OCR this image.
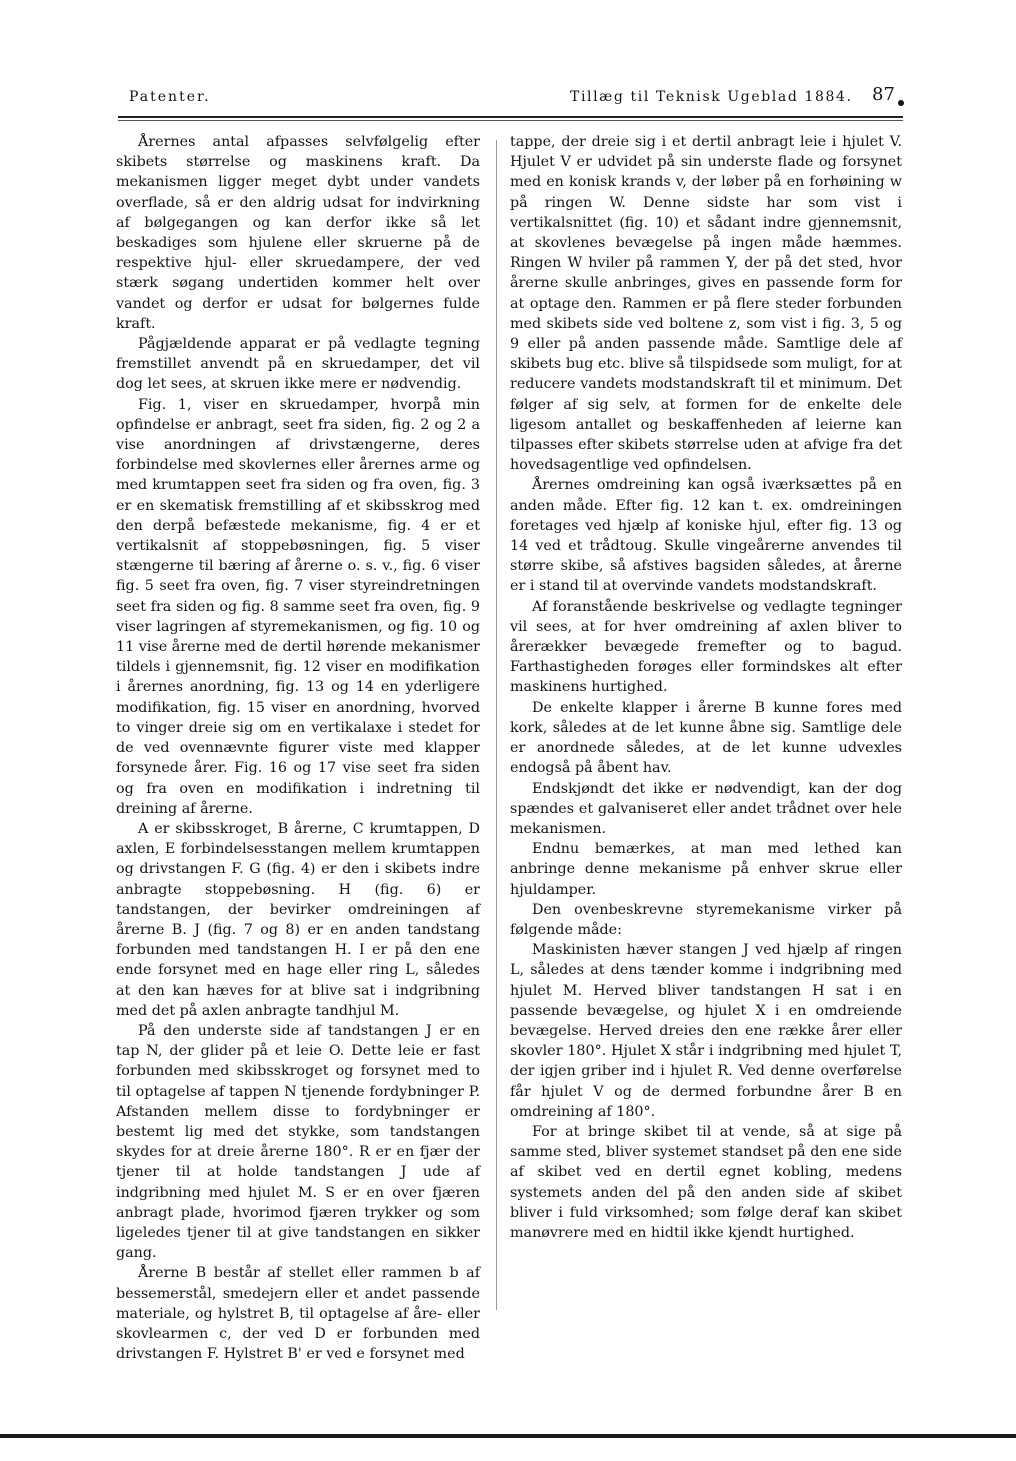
Patenter.	Tillæg til Teknisk Ugeblad 1884. 87

Årernes antal afpasses selvfølgelig efter skibets størrelse og maskinens kraft. Da mekanismen ligger meget dybt under vandets overflade, så er den aldrig udsat for indvirkning af bølgegangen og kan derfor ikke så let beskadiges som hjulene eller skruerne på de respektive hjul- eller skruedampere, der ved stærk søgang undertiden kommer helt over vandet og derfor er udsat for bølgernes fulde kraft.

Pågjældende apparat er på vedlagte tegning fremstillet anvendt på en skruedamper, det vil dog let sees, at skruen ikke mere er nødvendig.

Fig. 1, viser en skruedamper, hvorpå min opfindelse er anbragt, seet fra siden, fig. 2 og 2 a vise anordningen af drivstængerne, deres forbindelse med skovlernes eller årernes arme og med krumtappen seet fra siden og fra oven, fig. 3 er en skematisk fremstilling af et skibsskrog med den derpå befæstede mekanisme, fig. 4 er et vertikalsnit af stoppebøsningen, fig. 5 viser stængerne til bæring af årerne o. s. v., fig. 6 viser fig. 5 seet fra oven, fig. 7 viser styreindretningen seet fra siden og fig. 8 samme seet fra oven, fig. 9 viser lagringen af styremekanismen, og fig. 10 og 11 vise årerne med de dertil hørende mekanismer tildels i gjennemsnit, fig. 12 viser en modifikation i årernes anordning, fig. 13 og 14 en yderligere modifikation, fig. 15 viser en anordning, hvorved to vinger dreie sig om en vertikalaxe i stedet for de ved ovennævnte figurer viste med klapper forsynede årer. Fig. 16 og 17 vise seet fra siden og fra oven en modifikation i indretning til dreining af årerne.

A er skibsskroget, B årerne, C krumtappen, D axlen, E forbindelsesstangen mellem krumtappen og drivstangen F. G (fig. 4) er den i skibets indre anbragte stoppebøsning. H (fig. 6) er tandstangen, der bevirker omdreiningen af årerne B. J (fig. 7 og 8) er en anden tandstang forbunden med tandstangen H. I er på den ene ende forsynet med en hage eller ring L, således at den kan hæves for at blive sat i indgribning med det på axlen anbragte tandhjul M.

På den underste side af tandstangen J er en tap N, der glider på et leie O. Dette leie er fast forbunden med skibsskroget og forsynet med to til optagelse af tappen N tjenende fordybninger P. Afstanden mellem disse to fordybninger er bestemt lig med det stykke, som tandstangen skydes for at dreie årerne 180°. R er en fjær der tjener til at holde tandstangen J ude af indgribning med hjulet M. S er en over fjæren anbragt plade, hvorimod fjæren trykker og som ligeledes tjener til at give tandstangen en sikker gang.

Årerne B består af stellet eller rammen b af bessemerstål, smedejern eller et andet passende materiale, og hylstret B, til optagelse af åre- eller skovlearmen c, der ved D er forbunden med drivstangen F. Hylstret B' er ved e forsynet med

tappe, der dreie sig i et dertil anbragt leie i hjulet V. Hjulet V er udvidet på sin underste flade og forsynet med en konisk krands v, der løber på en forhøining w på ringen W. Denne sidste har som vist i vertikalsnittet (fig. 10) et sådant indre gjennemsnit, at skovlenes bevægelse på ingen måde hæmmes. Ringen W hviler på rammen Y, der på det sted, hvor årerne skulle anbringes, gives en passende form for at optage den. Rammen er på flere steder forbunden med skibets side ved boltene z, som vist i fig. 3, 5 og 9 eller på anden passende måde. Samtlige dele af skibets bug etc. blive så tilspidsede som muligt, for at reducere vandets modstandskraft til et minimum. Det følger af sig selv, at formen for de enkelte dele ligesom antallet og beskaffenheden af leierne kan tilpasses efter skibets størrelse uden at afvige fra det hovedsagentlige ved opfindelsen.

Årernes omdreining kan også iværksættes på en anden måde. Efter fig. 12 kan t. ex. omdreiningen foretages ved hjælp af koniske hjul, efter fig. 13 og 14 ved et trådtoug. Skulle vingeårerne anvendes til større skibe, så afstives bagsiden således, at årerne er i stand til at overvinde vandets modstandskraft.

Af foranstående beskrivelse og vedlagte tegninger vil sees, at for hver omdreining af axlen bliver to årerækker bevægede fremefter og to bagud. Farthastigheden forøges eller formindskes alt efter maskinens hurtighed.

De enkelte klapper i årerne B kunne fores med kork, således at de let kunne åbne sig. Samtlige dele er anordnede således, at de let kunne udvexles endogså på åbent hav.

Endskjøndt det ikke er nødvendigt, kan der dog spændes et galvaniseret eller andet trådnet over hele mekanismen.

Endnu bemærkes, at man med lethed kan anbringe denne mekanisme på enhver skrue eller hjuldamper.

Den ovenbeskrevne styremekanisme virker på følgende måde:

Maskinisten hæver stangen J ved hjælp af ringen L, således at dens tænder komme i indgribning med hjulet M. Herved bliver tandstangen H sat i en passende bevægelse, og hjulet X i en omdreiende bevægelse. Herved dreies den ene række årer eller skovler 180°. Hjulet X står i indgribning med hjulet T, der igjen griber ind i hjulet R. Ved denne overførelse får hjulet V og de dermed forbundne årer B en omdreining af 180°.

For at bringe skibet til at vende, så at sige på samme sted, bliver systemet standset på den ene side af skibet ved en dertil egnet kobling, medens systemets anden del på den anden side af skibet bliver i fuld virksomhed; som følge deraf kan skibet manøvrere med en hidtil ikke kjendt hurtighed.
